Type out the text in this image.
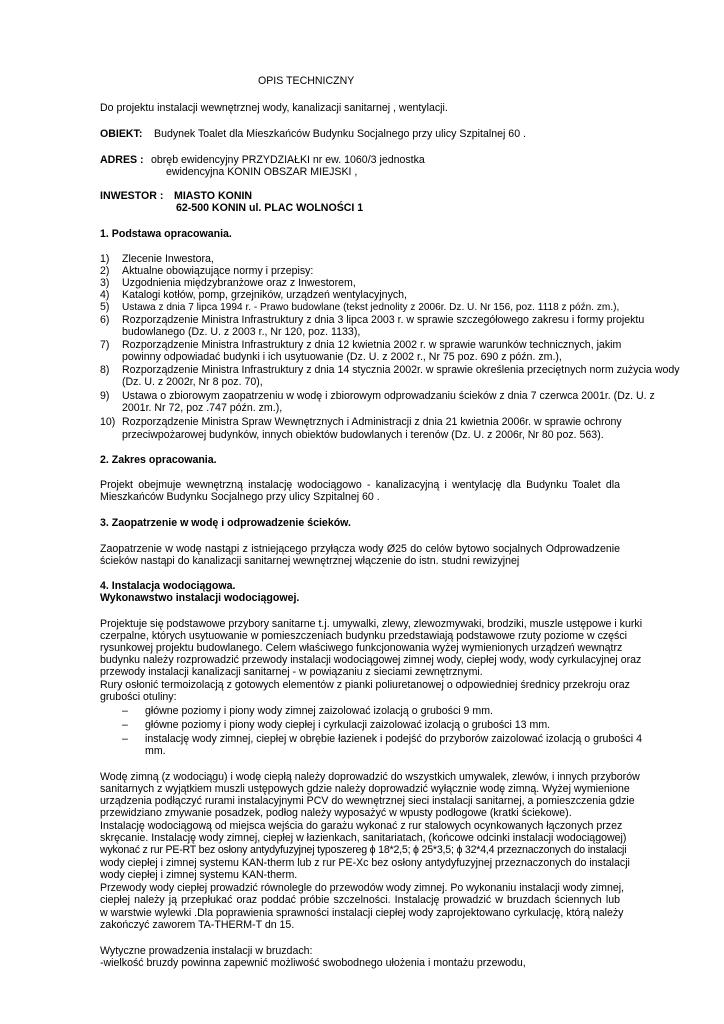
OPIS TECHNICZNY
Do projektu instalacji wewnętrznej wody, kanalizacji sanitarnej , wentylacji.
OBIEKT: Budynek Toalet dla Mieszkańców Budynku Socjalnego przy ulicy Szpitalnej 60 .
ADRES : obręb ewidencyjny PRZYDZIAŁKI nr ew. 1060/3 jednostka
ewidencyjna KONIN OBSZAR MIEJSKI ,
INWESTOR : MIASTO KONIN
62-500 KONIN ul. PLAC WOLNOŚCI 1
1. Podstawa opracowania.
1)	Zlecenie Inwestora,
2)	Aktualne obowiązujące normy i przepisy:
3)	Uzgodnienia międzybranżowe oraz z Inwestorem,
4)	Katalogi kotłów, pomp, grzejników, urządzeń wentylacyjnych,
5)	Ustawa z dnia 7 lipca 1994 r. - Prawo budowlane (tekst jednolity z 2006r. Dz. U. Nr 156, poz. 1118 z późn. zm.),
6)	Rozporządzenie Ministra Infrastruktury z dnia 3 lipca 2003 r. w sprawie szczegółowego zakresu i formy projektu
budowlanego (Dz. U. z 2003 r., Nr 120, poz. 1133),
7)	Rozporządzenie Ministra Infrastruktury z dnia 12 kwietnia 2002 r. w sprawie warunków technicznych, jakim
powinny odpowiadać budynki i ich usytuowanie (Dz. U. z 2002 r., Nr 75 poz. 690 z późn. zm.),
8)	Rozporządzenie Ministra Infrastruktury z dnia 14 stycznia 2002r. w sprawie określenia przeciętnych norm zużycia wody
(Dz. U. z 2002r, Nr 8 poz. 70),
9)	Ustawa o zbiorowym zaopatrzeniu w wodę i zbiorowym odprowadzaniu ścieków z dnia 7 czerwca 2001r. (Dz. U. z
2001r. Nr 72, poz .747 późn. zm.),
10) Rozporządzenie Ministra Spraw Wewnętrznych i Administracji z dnia 21 kwietnia 2006r. w sprawie ochrony
przeciwpożarowej budynków, innych obiektów budowlanych i terenów (Dz. U. z 2006r, Nr 80 poz. 563).
2. Zakres opracowania.
Projekt obejmuje wewnętrzną instalację wodociągowo - kanalizacyjną i wentylację dla Budynku Toalet dla
Mieszkańców Budynku Socjalnego przy ulicy Szpitalnej 60 .
3. Zaopatrzenie w wodę i odprowadzenie ścieków.
Zaopatrzenie w wodę nastąpi z istniejącego przyłącza wody Ø25 do celów bytowo socjalnych Odprowadzenie
ścieków nastąpi do kanalizacji sanitarnej wewnętrznej włączenie do istn. studni rewizyjnej
4. Instalacja wodociągowa.
Wykonawstwo instalacji wodociągowej.
Projektuje się podstawowe przybory sanitarne t.j. umywalki, zlewy, zlewozmywaki, brodziki, muszle ustępowe i kurki
czerpalne, których usytuowanie w pomieszczeniach budynku przedstawiają podstawowe rzuty poziome w części
rysunkowej projektu budowlanego. Celem właściwego funkcjonowania wyżej wymienionych urządzeń wewnątrz
budynku należy rozprowadzić przewody instalacji wodociągowej zimnej wody, ciepłej wody, wody cyrkulacyjnej oraz
przewody instalacji kanalizacji sanitarnej - w powiązaniu z sieciami zewnętrznymi.
Rury osłonić termoizolacją z gotowych elementów z pianki poliuretanowej o odpowiedniej średnicy przekroju oraz
grubości otuliny:
– główne poziomy i piony wody zimnej zaizolować izolacją o grubości 9 mm.
– główne poziomy i piony wody ciepłej i cyrkulacji zaizolować izolacją o grubości 13 mm.
– instalację wody zimnej, ciepłej w obrębie łazienek i podejść do przyborów zaizolować izolacją o grubości 4
mm.
Wodę zimną (z wodociągu) i wodę ciepłą należy doprowadzić do wszystkich umywalek, zlewów, i innych przyborów
sanitarnych z wyjątkiem muszli ustępowych gdzie należy doprowadzić wyłącznie wodę zimną. Wyżej wymienione
urządzenia podłączyć rurami instalacyjnymi PCV do wewnętrznej sieci instalacji sanitarnej, a pomieszczenia gdzie
przewidziano zmywanie posadzek, podłog należy wyposażyć w wpusty podłogowe (kratki ściekowe).
Instalację wodociągową od miejsca wejścia do garażu wykonać z rur stalowych ocynkowanych łączonych przez
skręcanie. Instalację wody zimnej, ciepłej w łazienkach, sanitariatach, (końcowe odcinki instalacji wodociągowej)
wykonać z rur PE-RT bez osłony antydyfuzyjnej typoszereg ϕ 18*2,5; ϕ 25*3,5; ϕ 32*4,4 przeznaczonych do instalacji
wody ciepłej i zimnej systemu KAN-therm lub z rur PE-Xc bez osłony antydyfuzyjnej przeznaczonych do instalacji
wody ciepłej i zimnej systemu KAN-therm.
Przewody wody ciepłej prowadzić równolegle do przewodów wody zimnej. Po wykonaniu instalacji wody zimnej,
ciepłej należy ją przepłukać oraz poddać próbie szczelności. Instalację prowadzić w bruzdach ściennych lub
w warstwie wylewki .Dla poprawienia sprawności instalacji ciepłej wody zaprojektowano cyrkulację, którą należy
zakończyć zaworem TA-THERM-T dn 15.
Wytyczne prowadzenia instalacji w bruzdach:
-wielkość bruzdy powinna zapewnić możliwość swobodnego ułożenia i montażu przewodu,
